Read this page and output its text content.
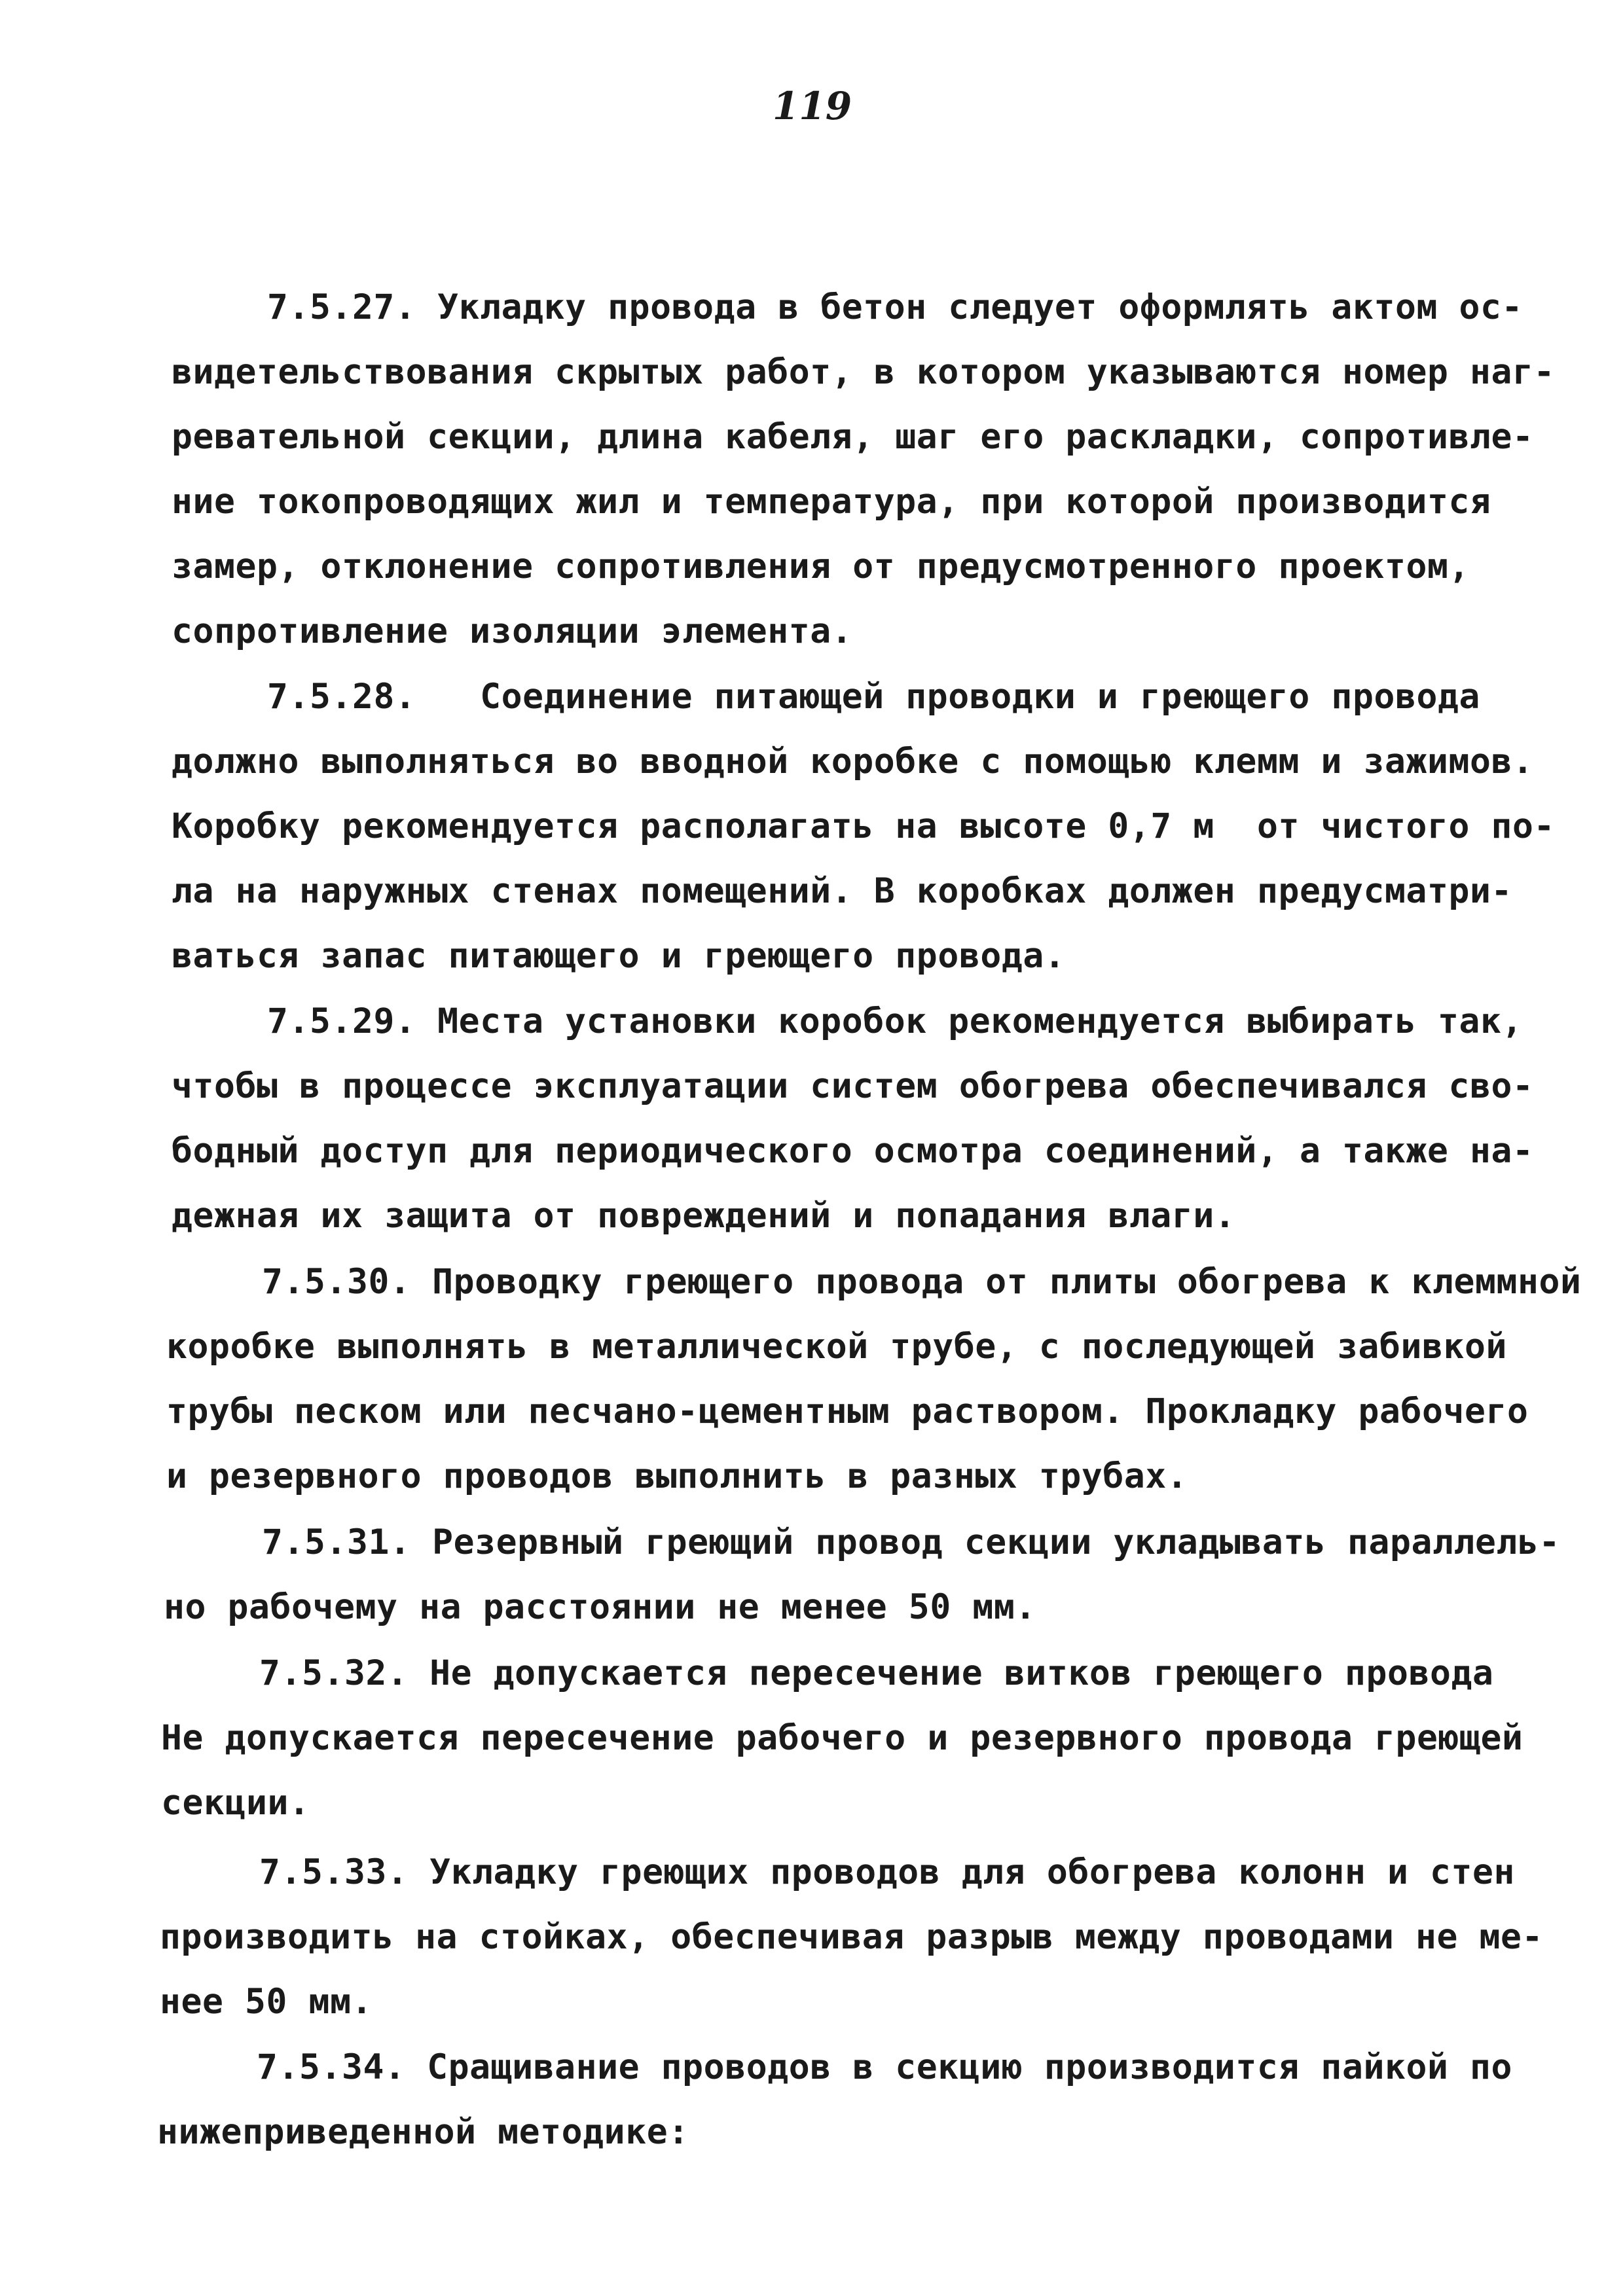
119
7.5.27. Укладку провода в бетон следует оформлять актом ос-
видетельствования скрытых работ, в котором указываются номер наг-
ревательной секции, длина кабеля, шаг его раскладки, сопротивле-
ние токопроводящих жил и температура, при которой производится
замер, отклонение сопротивления от предусмотренного проектом,
сопротивление изоляции элемента.
7.5.28.   Соединение питающей проводки и греющего провода
должно выполняться во вводной коробке с помощью клемм и зажимов.
Коробку рекомендуется располагать на высоте 0,7 м  от чистого по-
ла на наружных стенах помещений. В коробках должен предусматри-
ваться запас питающего и греющего провода.
7.5.29. Места установки коробок рекомендуется выбирать так,
чтобы в процессе эксплуатации систем обогрева обеспечивался сво-
бодный доступ для периодического осмотра соединений, а также на-
дежная их защита от повреждений и попадания влаги.
7.5.30. Проводку греющего провода от плиты обогрева к клеммной
коробке выполнять в металлической трубе, с последующей забивкой
трубы песком или песчано-цементным раствором. Прокладку рабочего
и резервного проводов выполнить в разных трубах.
7.5.31. Резервный греющий провод секции укладывать параллель-
но рабочему на расстоянии не менее 50 мм.
7.5.32. Не допускается пересечение витков греющего провода
Не допускается пересечение рабочего и резервного провода греющей
секции.
7.5.33. Укладку греющих проводов для обогрева колонн и стен
производить на стойках, обеспечивая разрыв между проводами не ме-
нее 50 мм.
7.5.34. Сращивание проводов в секцию производится пайкой по
нижеприведенной методике:
